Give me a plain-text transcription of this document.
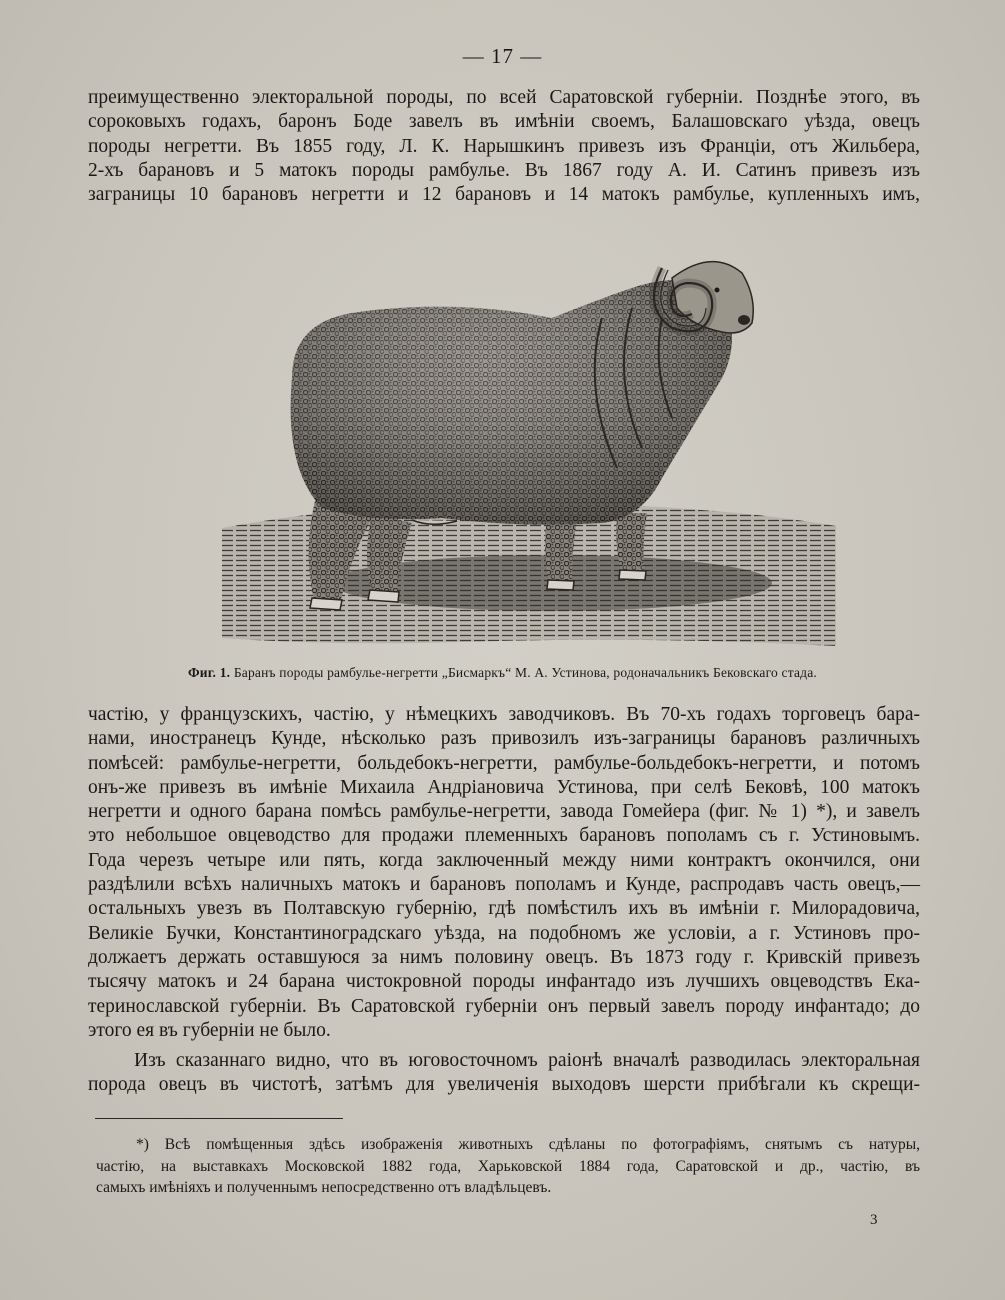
— 17 —
преимущественно электоральной породы, по всей Саратовской губерніи. Позднѣе этого, въ
сороковыхъ годахъ, баронъ Боде завелъ въ имѣніи своемъ, Балашовскаго уѣзда, овецъ
породы негретти. Въ 1855 году, Л. К. Нарышкинъ привезъ изъ Франціи, отъ Жильбера,
2-хъ барановъ и 5 матокъ породы рамбулье. Въ 1867 году А. И. Сатинъ привезъ изъ
заграницы 10 барановъ негретти и 12 барановъ и 14 матокъ рамбулье, купленныхъ имъ,
Фиг. 1. Баранъ породы рамбулье-негретти „Бисмаркъ“ М. А. Устинова, родоначальникъ Бековскаго стада.
частію, у французскихъ, частію, у нѣмецкихъ заводчиковъ. Въ 70-хъ годахъ торговецъ бара-
нами, иностранецъ Кунде, нѣсколько разъ привозилъ изъ-заграницы барановъ различныхъ
помѣсей: рамбулье-негретти, больдебокъ-негретти, рамбулье-больдебокъ-негретти, и потомъ
онъ-же привезъ въ имѣніе Михаила Андріановича Устинова, при селѣ Бековѣ, 100 матокъ
негретти и одного барана помѣсь рамбулье-негретти, завода Гомейера (фиг. № 1) *), и завелъ
это небольшое овцеводство для продажи племенныхъ барановъ пополамъ съ г. Устиновымъ.
Года черезъ четыре или пять, когда заключенный между ними контрактъ окончился, они
раздѣлили всѣхъ наличныхъ матокъ и барановъ пополамъ и Кунде, распродавъ часть овецъ,—
остальныхъ увезъ въ Полтавскую губернію, гдѣ помѣстилъ ихъ въ имѣніи г. Милорадовича,
Великіе Бучки, Константиноградскаго уѣзда, на подобномъ же условіи, а г. Устиновъ про-
должаетъ держать оставшуюся за нимъ половину овецъ. Въ 1873 году г. Кривскій привезъ
тысячу матокъ и 24 барана чистокровной породы инфантадо изъ лучшихъ овцеводствъ Ека-
теринославской губерніи. Въ Саратовской губерніи онъ первый завелъ породу инфантадо; до
этого ея въ губерніи не было.
Изъ сказаннаго видно, что въ юговосточномъ раіонѣ вначалѣ разводилась электоральная
порода овецъ въ чистотѣ, затѣмъ для увеличенія выходовъ шерсти прибѣгали къ скрещи-
*) Всѣ помѣщенныя здѣсь изображенія животныхъ сдѣланы по фотографіямъ, снятымъ съ натуры,
частію, на выставкахъ Московской 1882 года, Харьковской 1884 года, Саратовской и др., частію, въ
самыхъ имѣніяхъ и полученнымъ непосредственно отъ владѣльцевъ.
3
